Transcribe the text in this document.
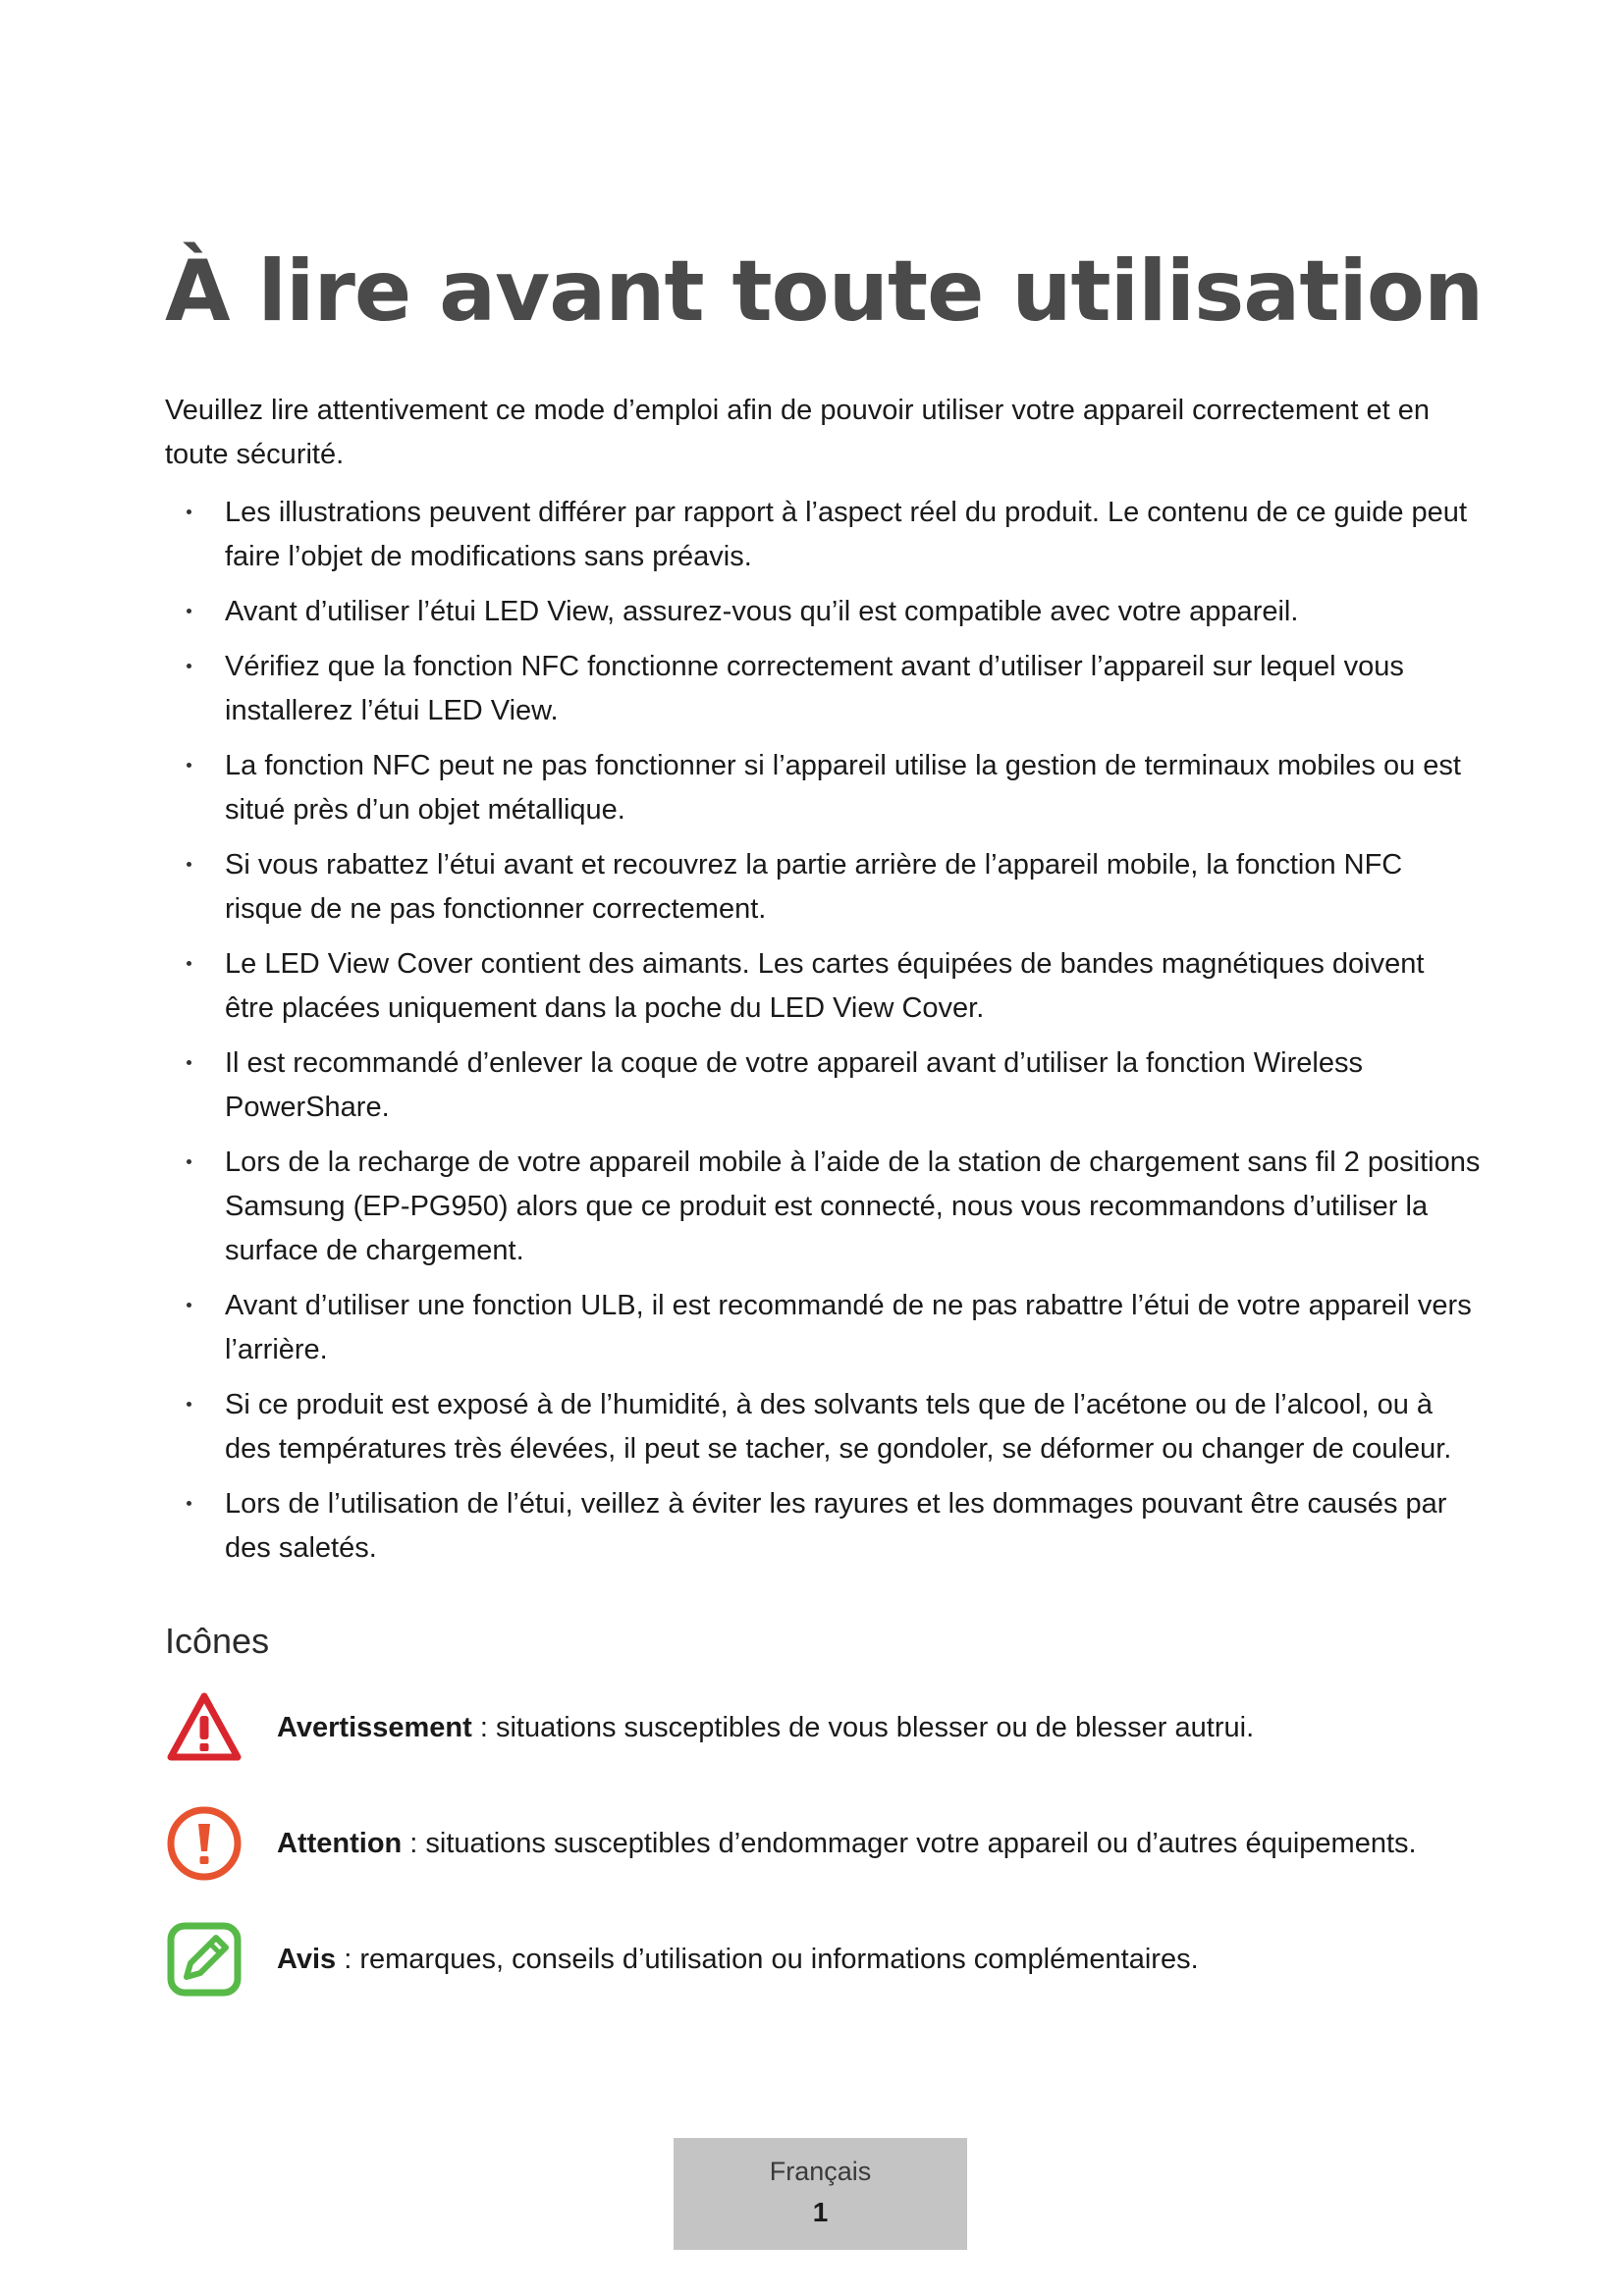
À lire avant toute utilisation

Veuillez lire attentivement ce mode d’emploi afin de pouvoir utiliser votre appareil correctement et en toute sécurité.

Les illustrations peuvent différer par rapport à l’aspect réel du produit. Le contenu de ce guide peut faire l’objet de modifications sans préavis.
Avant d’utiliser l’étui LED View, assurez-vous qu’il est compatible avec votre appareil.
Vérifiez que la fonction NFC fonctionne correctement avant d’utiliser l’appareil sur lequel vous installerez l’étui LED View.
La fonction NFC peut ne pas fonctionner si l’appareil utilise la gestion de terminaux mobiles ou est situé près d’un objet métallique.
Si vous rabattez l’étui avant et recouvrez la partie arrière de l’appareil mobile, la fonction NFC risque de ne pas fonctionner correctement.
Le LED View Cover contient des aimants. Les cartes équipées de bandes magnétiques doivent être placées uniquement dans la poche du LED View Cover.
Il est recommandé d’enlever la coque de votre appareil avant d’utiliser la fonction Wireless PowerShare.
Lors de la recharge de votre appareil mobile à l’aide de la station de chargement sans fil 2 positions Samsung (EP-PG950) alors que ce produit est connecté, nous vous recommandons d’utiliser la surface de chargement.
Avant d’utiliser une fonction ULB, il est recommandé de ne pas rabattre l’étui de votre appareil vers l’arrière.
Si ce produit est exposé à de l’humidité, à des solvants tels que de l’acétone ou de l’alcool, ou à des températures très élevées, il peut se tacher, se gondoler, se déformer ou changer de couleur.
Lors de l’utilisation de l’étui, veillez à éviter les rayures et les dommages pouvant être causés par des saletés.
Icônes
Avertissement : situations susceptibles de vous blesser ou de blesser autrui.
Attention : situations susceptibles d’endommager votre appareil ou d’autres équipements.
Avis : remarques, conseils d’utilisation ou informations complémentaires.
Français
1
